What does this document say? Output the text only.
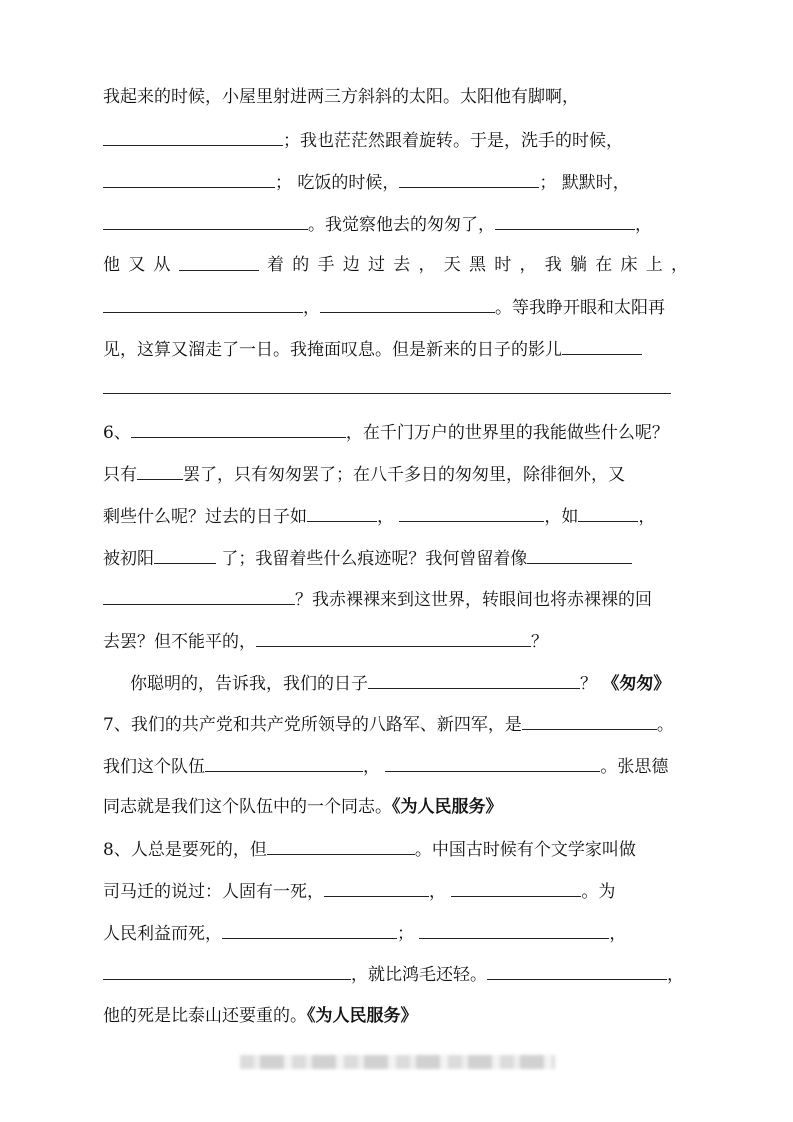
我起来的时候，小屋里射进两三方斜斜的太阳。太阳他有脚啊，
；我也茫茫然跟着旋转。于是，洗手的时候，
； 吃饭的时候，	； 默默时，
。我觉察他去的匆匆了，	，
他 又 从	着 的 手 边 过 去 ， 天 黑 时 ， 我 躺 在 床 上 ，
，	。等我睁开眼和太阳再
见，这算又溜走了一日。我掩面叹息。但是新来的日子的影儿
6、	，在千门万户的世界里的我能做些什么呢？
只有	罢了，只有匆匆罢了；在八千多日的匆匆里，除徘徊外，又
剩些什么呢？过去的日子如	，	，如	，
被初阳	了；我留着些什么痕迹呢？我何曾留着像
？我赤裸裸来到这世界，转眼间也将赤裸裸的回
去罢？但不能平的，	？
你聪明的，告诉我，我们的日子	？ 《匆匆》
7、我们的共产党和共产党所领导的八路军、新四军，是	。
我们这个队伍	，	。张思德
同志就是我们这个队伍中的一个同志。《为人民服务》
8、人总是要死的，但	。中国古时候有个文学家叫做
司马迁的说过：人固有一死，	，	。为
人民利益而死，	；	，
，就比鸿毛还轻。	，
他的死是比泰山还要重的。《为人民服务》
